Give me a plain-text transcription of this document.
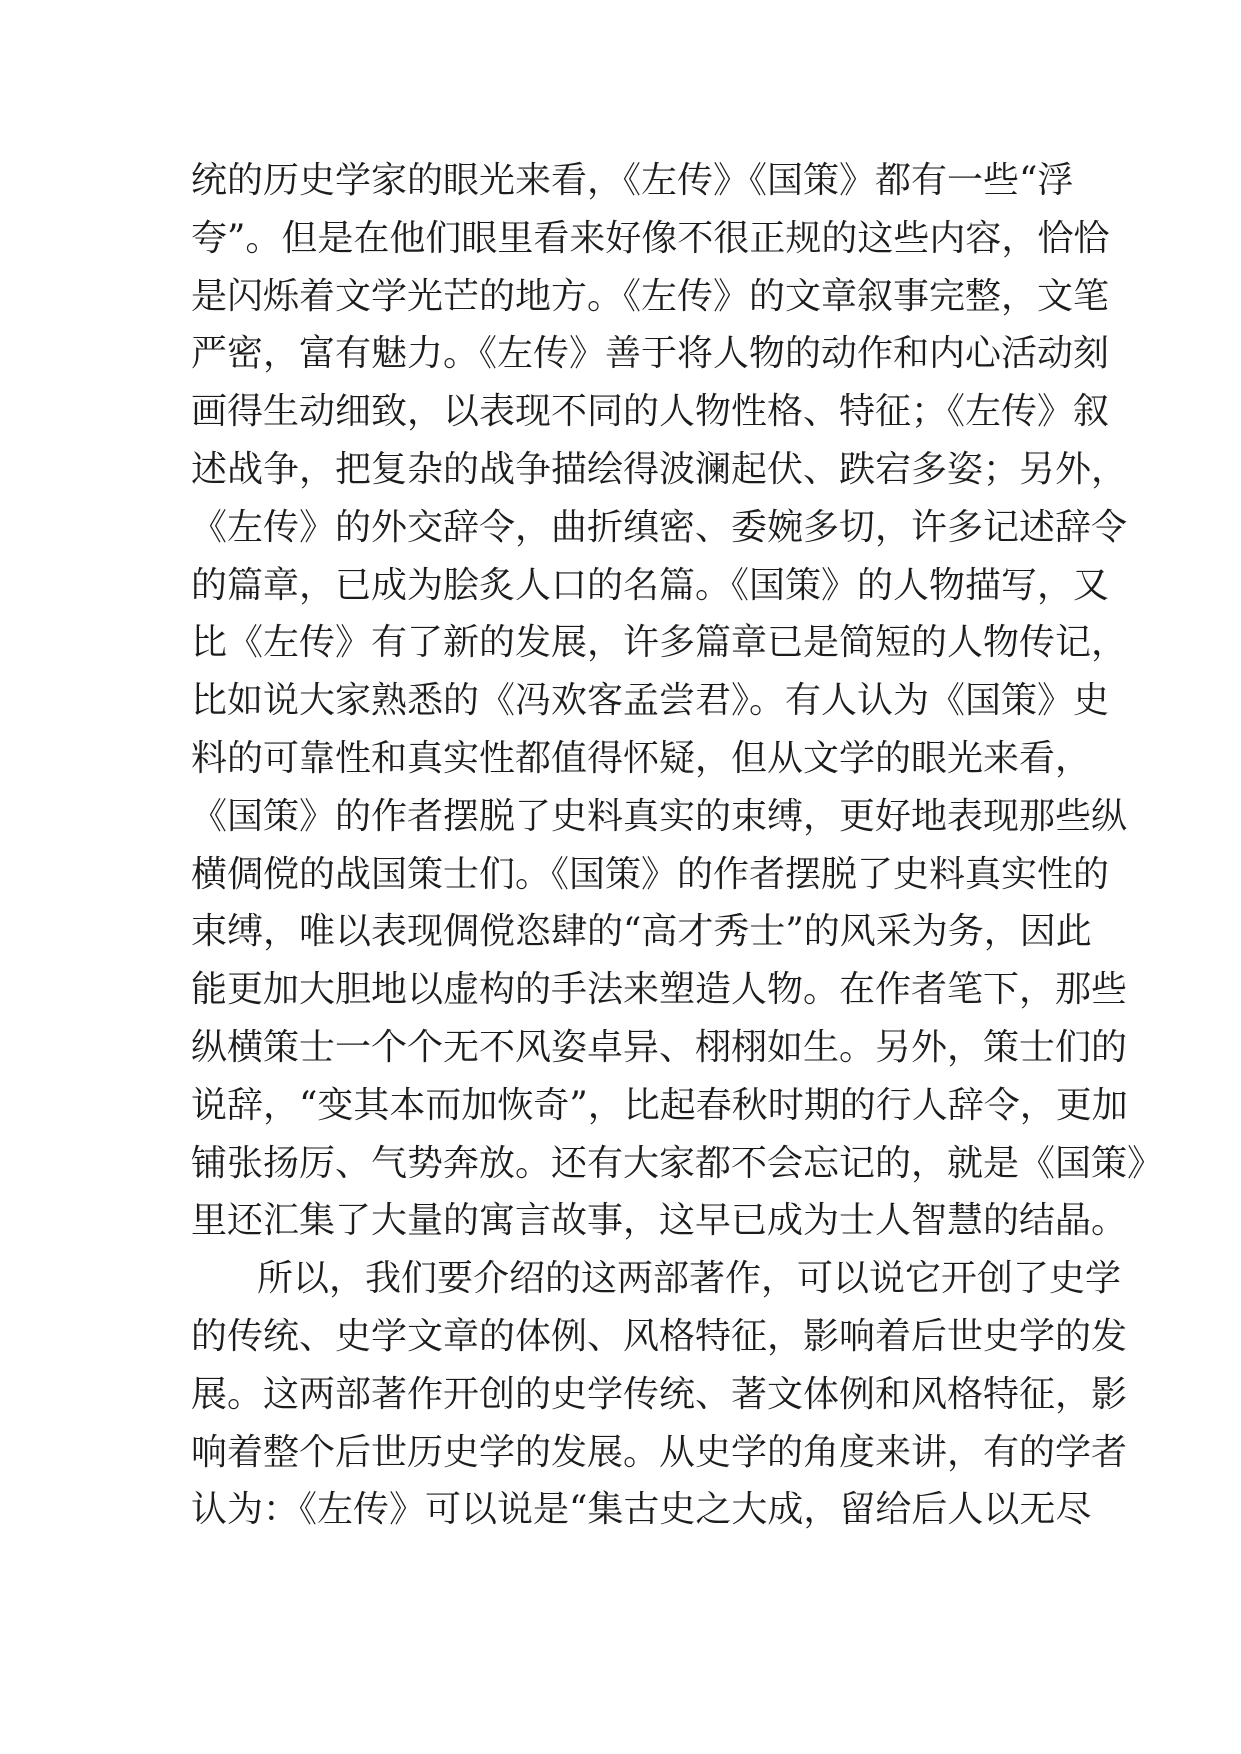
统的历史学家的眼光来看，《左传》《国策》都有一些“浮
夸”。但是在他们眼里看来好像不很正规的这些内容，恰恰
是闪烁着文学光芒的地方。《左传》的文章叙事完整，文笔
严密，富有魅力。《左传》善于将人物的动作和内心活动刻
画得生动细致，以表现不同的人物性格、特征；《左传》叙
述战争，把复杂的战争描绘得波澜起伏、跌宕多姿；另外，
《左传》的外交辞令，曲折缜密、委婉多切，许多记述辞令
的篇章，已成为脍炙人口的名篇。《国策》的人物描写，又
比《左传》有了新的发展，许多篇章已是简短的人物传记，
比如说大家熟悉的《冯欢客孟尝君》。有人认为《国策》史
料的可靠性和真实性都值得怀疑，但从文学的眼光来看，
《国策》的作者摆脱了史料真实的束缚，更好地表现那些纵
横倜傥的战国策士们。《国策》的作者摆脱了史料真实性的
束缚，唯以表现倜傥恣肆的“高才秀士”的风采为务，因此
能更加大胆地以虚构的手法来塑造人物。在作者笔下，那些
纵横策士一个个无不风姿卓异、栩栩如生。另外，策士们的
说辞，“变其本而加恢奇”，比起春秋时期的行人辞令，更加
铺张扬厉、气势奔放。还有大家都不会忘记的，就是《国策》
里还汇集了大量的寓言故事，这早已成为士人智慧的结晶。
所以，我们要介绍的这两部著作，可以说它开创了史学
的传统、史学文章的体例、风格特征，影响着后世史学的发
展。这两部著作开创的史学传统、著文体例和风格特征，影
响着整个后世历史学的发展。从史学的角度来讲，有的学者
认为：《左传》可以说是“集古史之大成，留给后人以无尽
